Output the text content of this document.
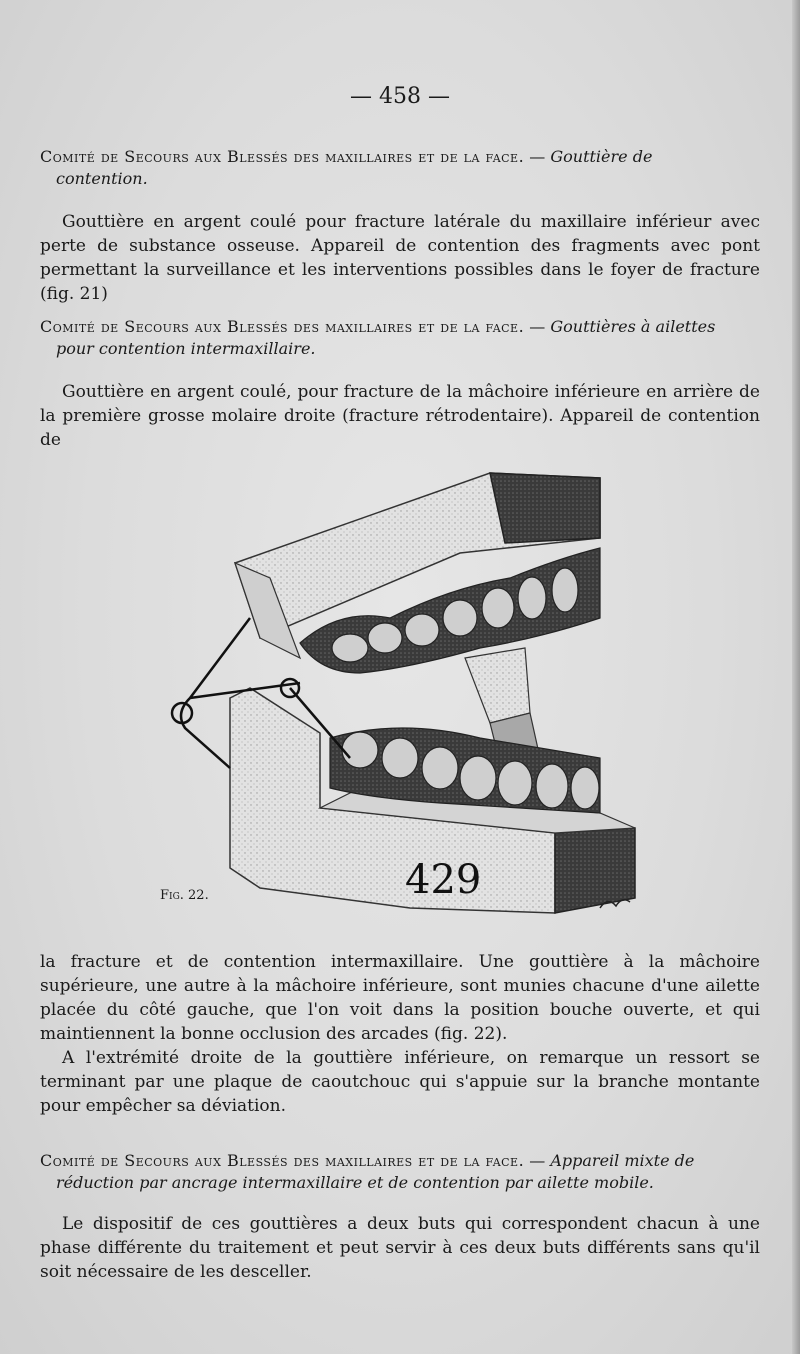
— 458 —

Comité de Secours aux Blessés des maxillaires et de la face. — Gouttière de
contention.

Gouttière en argent coulé pour fracture latérale du maxillaire inférieur avec perte de substance osseuse. Appareil de contention des fragments avec pont permettant la surveillance et les interventions possibles dans le foyer de fracture (fig. 21)

Comité de Secours aux Blessés des maxillaires et de la face. — Gouttières à ailettes
pour contention intermaxillaire.

Gouttière en argent coulé, pour fracture de la mâchoire inférieure en arrière de la première grosse molaire droite (fracture rétrodentaire). Appareil de contention de

429
Fig. 22.

la fracture et de contention intermaxillaire. Une gouttière à la mâchoire supérieure, une autre à la mâchoire inférieure, sont munies chacune d'une ailette placée du côté gauche, que l'on voit dans la position bouche ouverte, et qui maintiennent la bonne occlusion des arcades (fig. 22).

A l'extrémité droite de la gouttière inférieure, on remarque un ressort se terminant par une plaque de caoutchouc qui s'appuie sur la branche montante pour empêcher sa déviation.

Comité de Secours aux Blessés des maxillaires et de la face. — Appareil mixte de
réduction par ancrage intermaxillaire et de contention par ailette mobile.

Le dispositif de ces gouttières a deux buts qui correspondent chacun à une phase différente du traitement et peut servir à ces deux buts différents sans qu'il soit nécessaire de les desceller.
